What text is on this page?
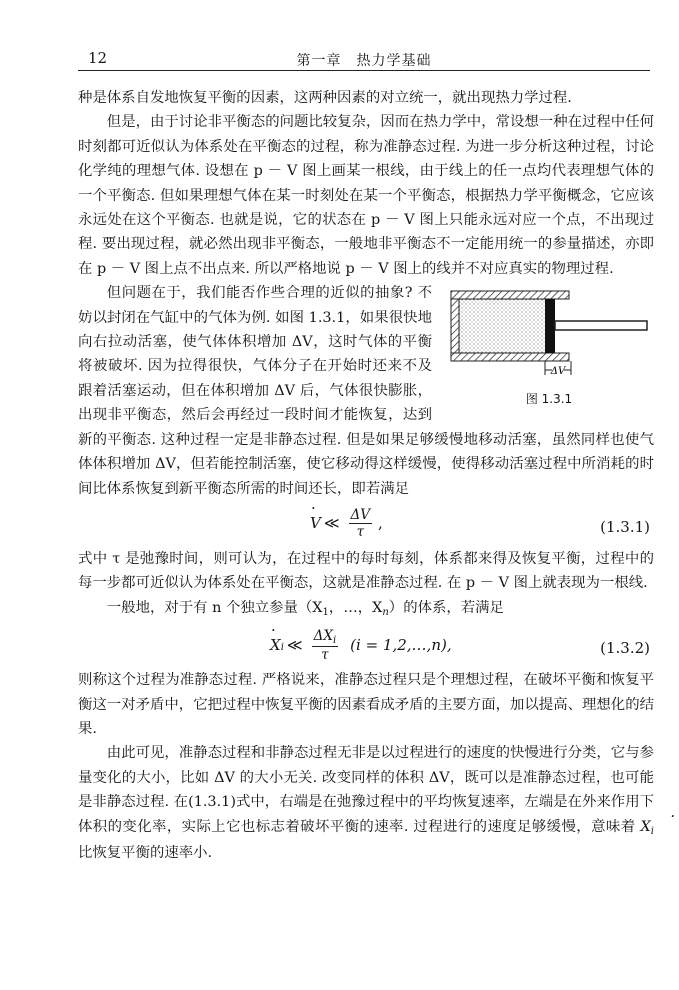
12	第一章　热力学基础

种是体系自发地恢复平衡的因素，这两种因素的对立统一，就出现热力学过程.

但是，由于讨论非平衡态的问题比较复杂，因而在热力学中，常设想一种在过程中任何时刻都可近似认为体系处在平衡态的过程，称为准静态过程. 为进一步分析这种过程，讨论化学纯的理想气体. 设想在 p － V 图上画某一根线，由于线上的任一点均代表理想气体的一个平衡态. 但如果理想气体在某一时刻处在某一个平衡态，根据热力学平衡概念，它应该永远处在这个平衡态. 也就是说，它的状态在 p － V 图上只能永远对应一个点，不出现过程. 要出现过程，就必然出现非平衡态，一般地非平衡态不一定能用统一的参量描述，亦即在 p － V 图上点不出点来. 所以严格地说 p － V 图上的线并不对应真实的物理过程.

ΔV
图 1.3.1

但问题在于，我们能否作些合理的近似的抽象? 不妨以封闭在气缸中的气体为例. 如图 1.3.1，如果很快地向右拉动活塞，使气体体积增加 ΔV，这时气体的平衡将被破坏. 因为拉得很快，气体分子在开始时还来不及跟着活塞运动，但在体积增加 ΔV 后，气体很快膨胀，出现非平衡态，然后会再经过一段时间才能恢复，达到新的平衡态. 这种过程一定是非静态过程. 但是如果足够缓慢地移动活塞，虽然同样也使气体体积增加 ΔV，但若能控制活塞，使它移动得这样缓慢，使得移动活塞过程中所消耗的时间比体系恢复到新平衡态所需的时间还长，即若满足

V · ≪ $\frac{\Delta V}{\tau}$ ,	(1.3.1)

式中 τ 是弛豫时间，则可认为，在过程中的每时每刻，体系都来得及恢复平衡，过程中的每一步都可近似认为体系处在平衡态，这就是准静态过程. 在 p － V 图上就表现为一根线.

一般地，对于有 n 个独立参量（$X_1$，…，$X_n$）的体系，若满足

X · i ≪ $\frac{\Delta X_i}{\tau} (i$ = 1,2,…,n),	(1.3.2)

则称这个过程为准静态过程. 严格说来，准静态过程只是个理想过程，在破坏平衡和恢复平衡这一对矛盾中，它把过程中恢复平衡的因素看成矛盾的主要方面，加以提高、理想化的结果.

由此可见，准静态过程和非静态过程无非是以过程进行的速度的快慢进行分类，它与参量变化的大小，比如 ΔV 的大小无关. 改变同样的体积 ΔV，既可以是准静态过程，也可能是非静态过程. 在(1.3.1)式中，右端是在弛豫过程中的平均恢复速率，左端是在外来作用下体积的变化率，实际上它也标志着破坏平衡的速率. 过程进行的速度足够缓慢，意味着 $X \cdot_i$ 比恢复平衡的速率小.
